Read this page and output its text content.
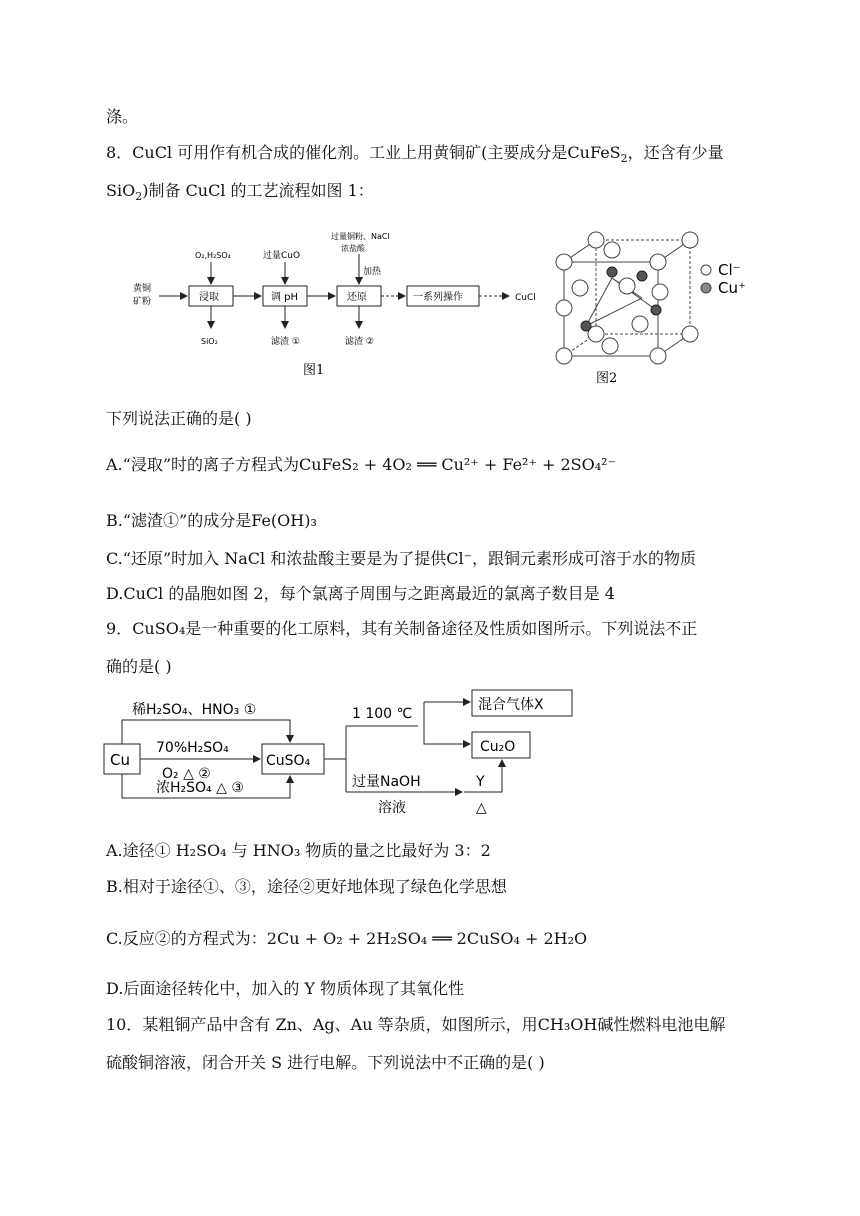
涤。
8．CuCl 可用作有机合成的催化剂。工业上用黄铜矿(主要成分是CuFeS$_2$，还含有少量
SiO$_2$)制备 CuCl 的工艺流程如图 1：
黄铜
矿粉	浸取	调 pH	还原	一系列操作	CuCl
O₂,H₂SO₄	过量CuO
过量铜粉、NaCl
浓盐酸
加热
SiO₂	滤渣 ①	滤渣 ②
图1
Cl⁻
Cu⁺
图2
下列说法正确的是( )
A.“浸取”时的离子方程式为CuFeS₂ + 4O₂ ══ Cu²⁺ + Fe²⁺ + 2SO₄²⁻
B.“滤渣①”的成分是Fe(OH)₃
C.“还原”时加入 NaCl 和浓盐酸主要是为了提供Cl⁻，跟铜元素形成可溶于水的物质
D.CuCl 的晶胞如图 2，每个氯离子周围与之距离最近的氯离子数目是 4
9．CuSO₄是一种重要的化工原料，其有关制备途径及性质如图所示。下列说法不正
确的是( )
Cu	CuSO₄
稀H₂SO₄、HNO₃ ①
70%H₂SO₄
O₂ △ ②
浓H₂SO₄ △ ③
1 100 ℃
混合气体X
Cu₂O
过量NaOH
溶液
Y
△
A.途径① H₂SO₄ 与 HNO₃ 物质的量之比最好为 3：2
B.相对于途径①、③，途径②更好地体现了绿色化学思想
C.反应②的方程式为：2Cu + O₂ + 2H₂SO₄ ══ 2CuSO₄ + 2H₂O
D.后面途径转化中，加入的 Y 物质体现了其氧化性
10．某粗铜产品中含有 Zn、Ag、Au 等杂质，如图所示，用CH₃OH碱性燃料电池电解
硫酸铜溶液，闭合开关 S 进行电解。下列说法中不正确的是( )
